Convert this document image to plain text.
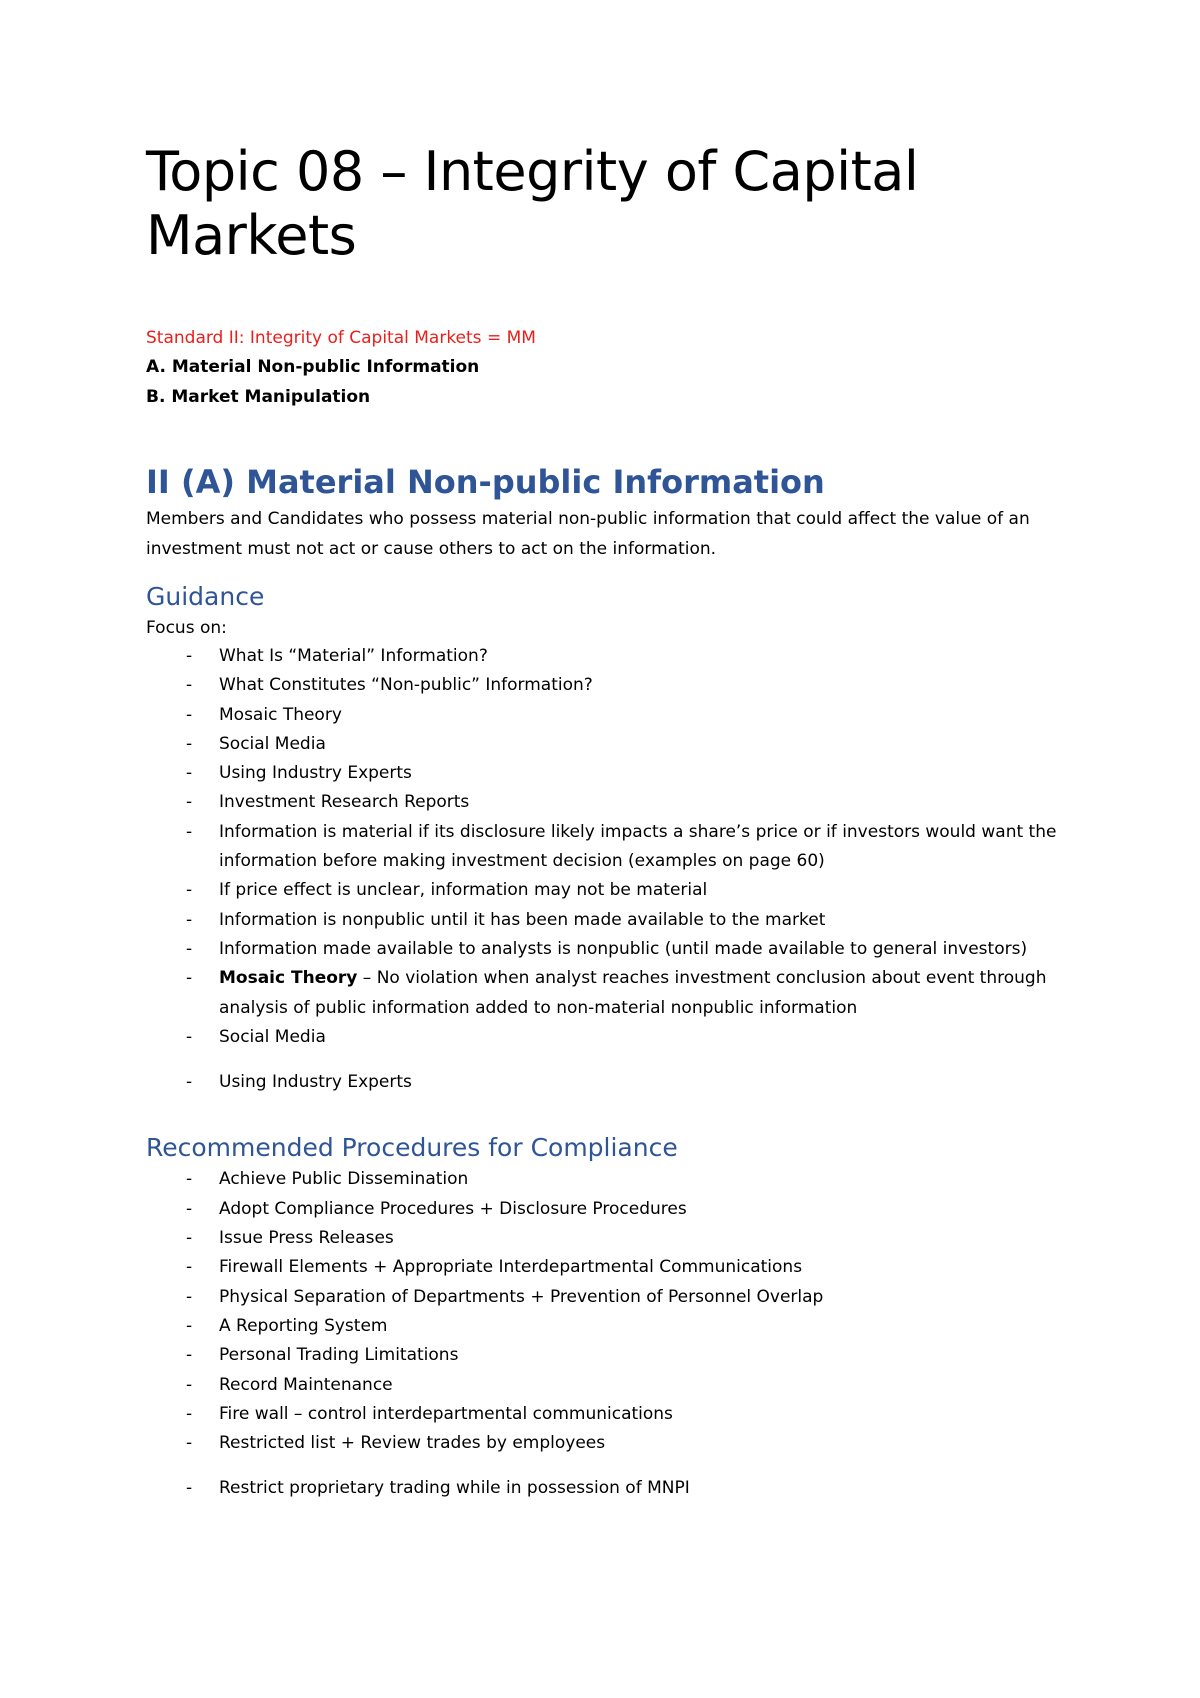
Topic 08 – Integrity of Capital Markets
Standard II: Integrity of Capital Markets = MM
A. Material Non-public Information
B. Market Manipulation
II (A) Material Non-public Information
Members and Candidates who possess material non-public information that could affect the value of an investment must not act or cause others to act on the information.
Guidance
Focus on:
- What Is “Material” Information?
- What Constitutes “Non-public” Information?
- Mosaic Theory
- Social Media
- Using Industry Experts
- Investment Research Reports
- Information is material if its disclosure likely impacts a share’s price or if investors would want the information before making investment decision (examples on page 60)
- If price effect is unclear, information may not be material
- Information is nonpublic until it has been made available to the market
- Information made available to analysts is nonpublic (until made available to general investors)
- Mosaic Theory – No violation when analyst reaches investment conclusion about event through analysis of public information added to non-material nonpublic information
- Social Media
- Using Industry Experts
Recommended Procedures for Compliance
- Achieve Public Dissemination
- Adopt Compliance Procedures + Disclosure Procedures
- Issue Press Releases
- Firewall Elements + Appropriate Interdepartmental Communications
- Physical Separation of Departments + Prevention of Personnel Overlap
- A Reporting System
- Personal Trading Limitations
- Record Maintenance
- Fire wall – control interdepartmental communications
- Restricted list + Review trades by employees
- Restrict proprietary trading while in possession of MNPI
